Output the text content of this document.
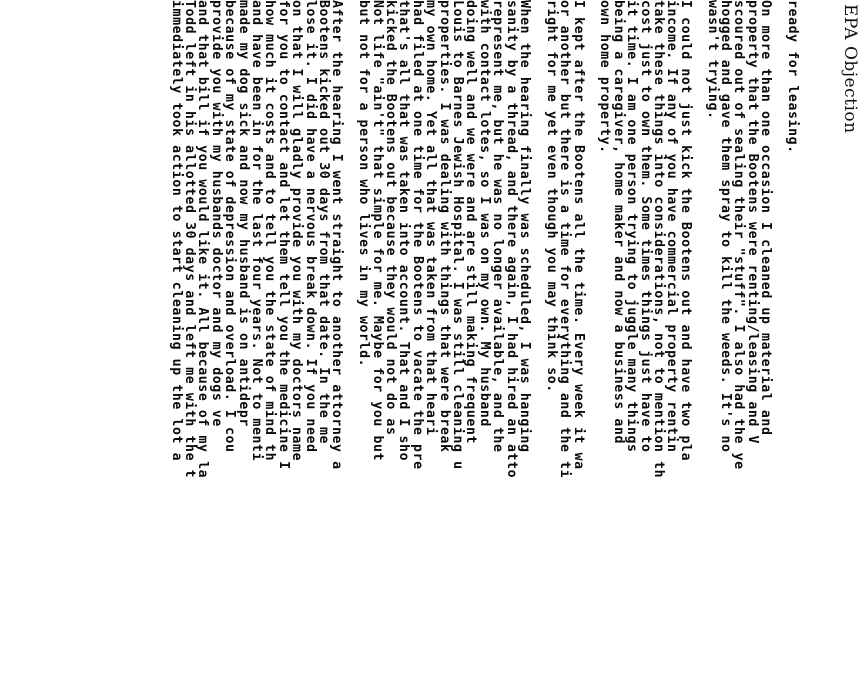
EPA Objection
ready for leasing.
On more than one occasion I cleaned up material and
property that the Bootens were renting/leasing and V
scoured out of sealing their "stuff". I also had the ye
hogged and gave them spray to kill the weeds. It's no
wasn't trying.
I could not just kick the Bootens out and have two pla
income. If any of you have commercial property rentin
take these things into considerations, not to mention th
cost just to own them. Some times things just have to
it time. I am one person trying to juggle many things
being a caregiver, home maker and now a business and
own home property.
I kept after the Bootens all the time. Every week it wa
or another but there is a time for everything and the ti
right for me yet even though you may think so.
When the hearing finally was scheduled, I was hanging
sanity by a thread, and there again, I had hired an atto
represent me, but he was no longer available, and the
with contact lotes, so I was on my own. My husband
doing well and we were and are still making frequent
Louis to Barnes Jewish Hospital. I was still cleaning u
properties. I was dealing with things that were break
my own home. Yet all that was taken from that heari
had filed at one time for the Bootens to vacate the pre
that's all that was taken into account. That and I sho
kicked the Bootens out because they would not do as
Not life "ain't" that simple for me. Maybe for you but
but not for a person who lives in my world.
After the hearing I went straight to another attorney a
Bootens kicked out 30 days from that date. In the me
lose it. I did have a nervous break down. If you need
on that I will gladly provide you with my doctors name
for you to contact and let them tell you the medicine I
how much it costs and to tell you the state of mind th
and have been in for the last four years. Not to menti
made my dog sick and now my husband is on antidepr
because of my state of depression and overload. I cou
provide you with my husbands doctor and my dogs ve
and that bill if you would like it. All because of my la
Todd left in his allotted 30 days and left me with the t
immediately took action to start cleaning up the lot a
